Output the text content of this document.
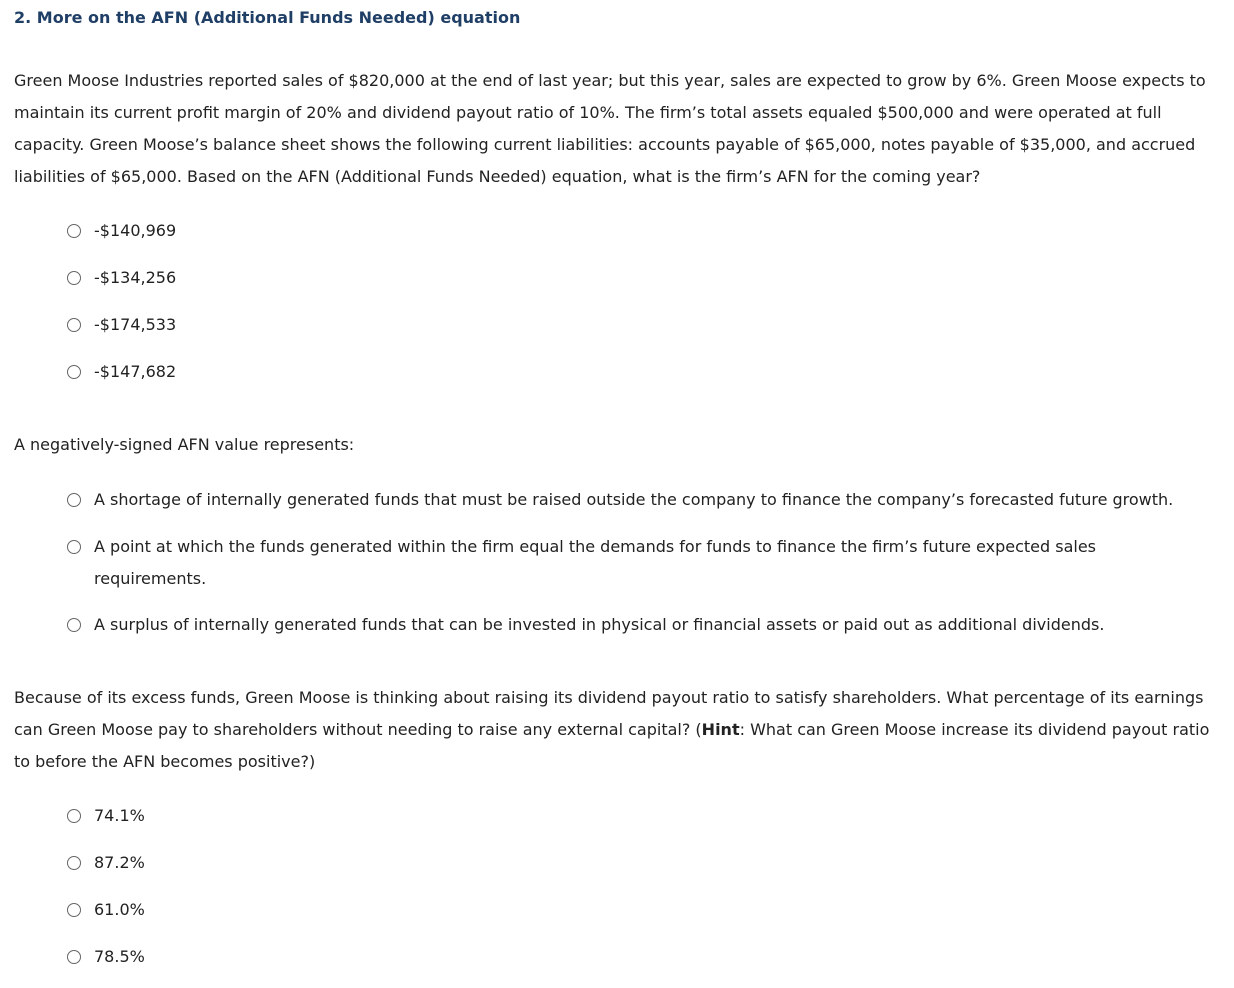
2. More on the AFN (Additional Funds Needed) equation
Green Moose Industries reported sales of $820,000 at the end of last year; but this year, sales are expected to grow by 6%. Green Moose expects to maintain its current profit margin of 20% and dividend payout ratio of 10%. The firm’s total assets equaled $500,000 and were operated at full capacity. Green Moose’s balance sheet shows the following current liabilities: accounts payable of $65,000, notes payable of $35,000, and accrued liabilities of $65,000. Based on the AFN (Additional Funds Needed) equation, what is the firm’s AFN for the coming year?
-$140,969
-$134,256
-$174,533
-$147,682
A negatively-signed AFN value represents:
A shortage of internally generated funds that must be raised outside the company to finance the company’s forecasted future growth.
A point at which the funds generated within the firm equal the demands for funds to finance the firm’s future expected sales requirements.
A surplus of internally generated funds that can be invested in physical or financial assets or paid out as additional dividends.
Because of its excess funds, Green Moose is thinking about raising its dividend payout ratio to satisfy shareholders. What percentage of its earnings can Green Moose pay to shareholders without needing to raise any external capital? (Hint: What can Green Moose increase its dividend payout ratio to before the AFN becomes positive?)
74.1%
87.2%
61.0%
78.5%
